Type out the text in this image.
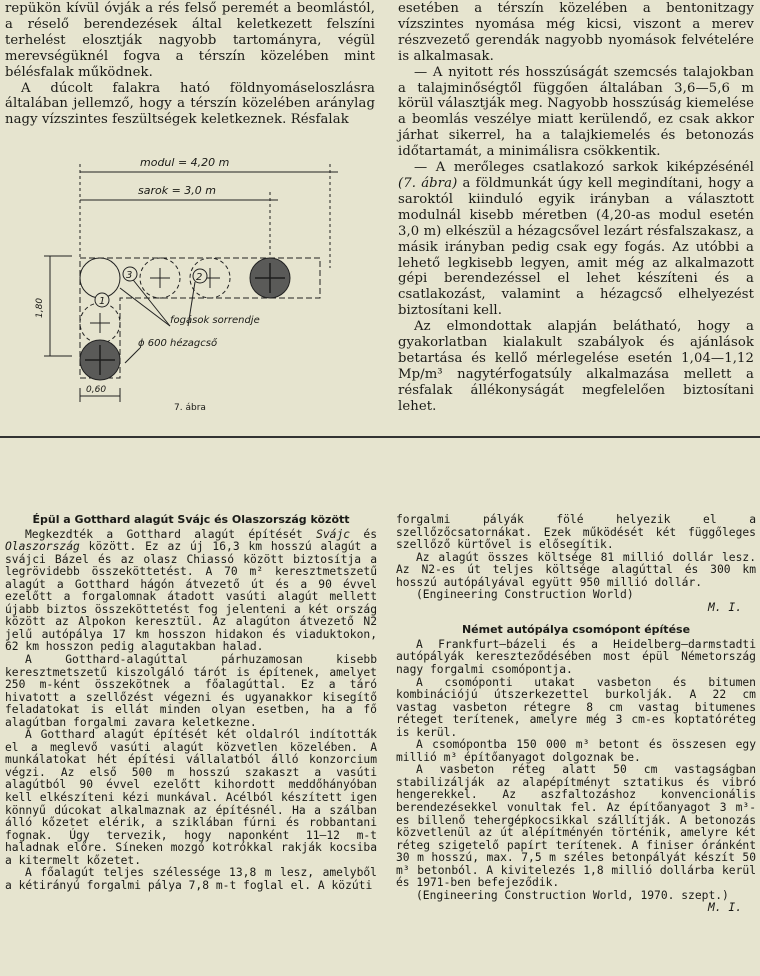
repükön kívül óvják a rés felső peremét a beomlástól, a réselő berendezések által keletkezett felszíni terhelést elosztják nagyobb tartományra, végül merevségüknél fogva a térszín közelében mint bélésfalak működnek.

A dúcolt falakra ható földnyomáseloszlásra általában jellemző, hogy a térszín közelében aránylag nagy vízszintes feszültségek keletkeznek. Résfalak

3	2
1
modul = 4,20 m
sarok = 3,0 m
1,80
0,60
fogások sorrendje
ɸ 600 hézagcső
7. ábra

esetében a térszín közelében a bentonitzagy vízszintes nyomása még kicsi, viszont a merev részvezető gerendák nagyobb nyomások felvételére is alkalmasak.

— A nyitott rés hosszúságát szemcsés talajokban a talajminőségtől függően általában 3,6—5,6 m körül választják meg. Nagyobb hosszúság kiemelése a beomlás veszélye miatt kerülendő, ez csak akkor járhat sikerrel, ha a talajkiemelés és betonozás időtartamát, a minimálisra csökkentik.

— A merőleges csatlakozó sarkok kiképzésénél (7. ábra) a földmunkát úgy kell megindítani, hogy a saroktól kiinduló egyik irányban a választott modulnál kisebb méretben (4,20-as modul esetén 3,0 m) elkészül a hézagcsővel lezárt résfalszakasz, a másik irányban pedig csak egy fogás. Az utóbbi a lehető legkisebb legyen, amit még az alkalmazott gépi berendezéssel el lehet készíteni és a csatlakozást, valamint a hézagcső elhelyezést biztosítani kell.

Az elmondottak alapján belátható, hogy a gyakorlatban kialakult szabályok és ajánlások betartása és kellő mérlegelése esetén 1,04—1,12 Mp/m³ nagytérfogatsúly alkalmazása mellett a résfalak állékonyságát megfelelően biztosítani lehet.

Épül a Gotthard alagút Svájc és Olaszország között

Megkezdték a Gotthard alagút építését Svájc és Olaszország között. Ez az új 16,3 km hosszú alagút a svájci Bázel és az olasz Chiassó között biztosítja a legrövidebb összeköttetést. A 70 m² keresztmetszetű alagút a Gotthard hágón átvezető út és a 90 évvel ezelőtt a forgalomnak átadott vasúti alagút mellett újabb biztos összeköttetést fog jelenteni a két ország között az Alpokon keresztül. Az alagúton átvezető N2 jelű autópálya 17 km hosszon hidakon és viaduktokon, 62 km hosszon pedig alagutakban halad.

A Gotthard-alagúttal párhuzamosan kisebb keresztmetszetű kiszolgáló tárót is építenek, amelyet 250 m-ként összekötnek a főalagúttal. Ez a táró hivatott a szellőzést végezni és ugyanakkor kisegítő feladatokat is ellát minden olyan esetben, ha a fő alagútban forgalmi zavara keletkezne.

A Gotthard alagút építését két oldalról indították el a meglevő vasúti alagút közvetlen közelében. A munkálatokat hét építési vállalatból álló konzorcium végzi. Az első 500 m hosszú szakaszt a vasúti alagútból 90 évvel ezelőtt kihordott meddőhányóban kell elkészíteni kézi munkával. Acélból készített igen könnyű dúcokat alkalmaznak az építésnél. Ha a szálban álló kőzetet elérik, a sziklában fúrni és robbantani fognak. Úgy tervezik, hogy naponként 11—12 m-t haladnak előre. Síneken mozgó kotrókkal rakják kocsiba a kitermelt kőzetet.

A főalagút teljes szélessége 13,8 m lesz, amelyből a kétirányú forgalmi pálya 7,8 m-t foglal el. A közúti

forgalmi pályák fölé helyezik el a szellőzőcsatornákat. Ezek működését két függőleges szellőző kürtővel is elősegítik.

Az alagút összes költsége 81 millió dollár lesz. Az N2-es út teljes költsége alagúttal és 300 km hosszú autópályával együtt 950 millió dollár.

(Engineering Construction World)

M. I.

Német autópálya csomópont építése

A Frankfurt—bázeli és a Heidelberg—darmstadti autópályák kereszteződésében most épül Németország nagy forgalmi csomópontja.

A csomóponti utakat vasbeton és bitumen kombinációjú útszerkezettel burkolják. A 22 cm vastag vasbeton rétegre 8 cm vastag bitumenes réteget terítenek, amelyre még 3 cm-es koptatóréteg is kerül.

A csomópontba 150 000 m³ betont és összesen egy millió m³ építőanyagot dolgoznak be.

A vasbeton réteg alatt 50 cm vastagságban stabilizálják az alapépítményt sztatikus és vibró hengerekkel. Az aszfaltozáshoz konvencionális berendezésekkel vonultak fel. Az építőanyagot 3 m³-es billenő tehergépkocsikkal szállítják. A betonozás közvetlenül az út alépítményén történik, amelyre két réteg szigetelő papírt terítenek. A finiser óránként 30 m hosszú, max. 7,5 m széles betonpályát készít 50 m³ betonból. A kivitelezés 1,8 millió dollárba kerül és 1971-ben befejeződik.

(Engineering Construction World, 1970. szept.)

M. I.
